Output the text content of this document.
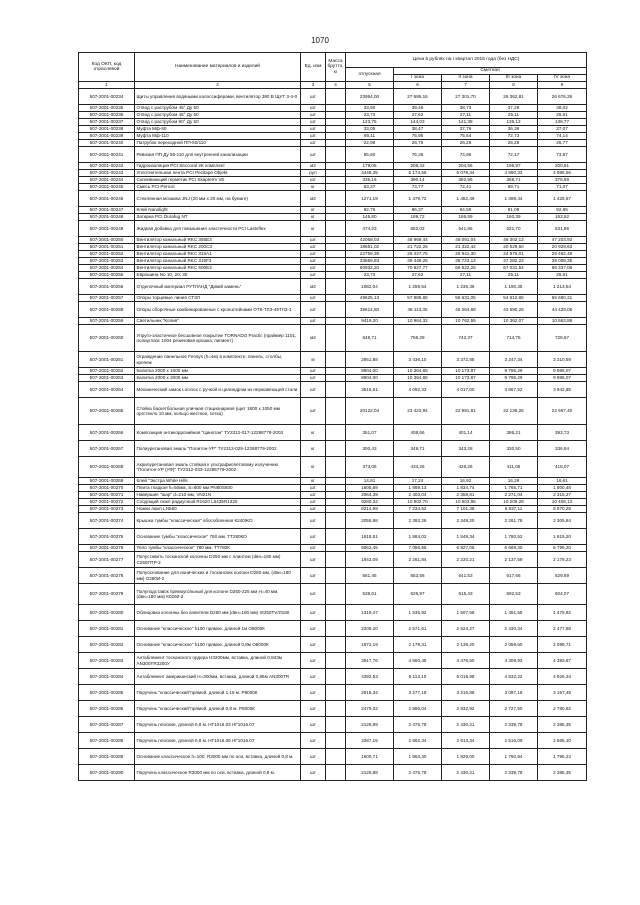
1070
Код ОКП, код отраслевой	Наименование материалов и изделий	Ед. изм	Масса брутто, кг	Цена в рублях на I квартал 2016 года (без НДС)				
				отпускная	Сметная			
					I зона	II зона	III зона	IV зона
1	2	3	4	5	6	7	8	9
507-2001-00234	Щиты управления водяными калоссиферами, вентилятор 380 В ЩУТ 3-4-0	шт		23964,00	27 695,16	27 301,70	26 362,81	26 676,26
507-2001-00235	Отвод с раструбом 45° Ду 50	шт		33,90	39,46	38,73	37,29	38,02
507-2001-00236	Отвод с раструбом 45° Ду 50	шт		23,73	27,62	27,11	26,11	26,61
507-2001-00237	Отвод с раструбом 90° Ду 50	шт		123,75	144,03	141,38	136,12	138,77
507-2001-00238	Муфта Мф-50	шт		33,05	38,47	37,76	36,36	37,07
507-2001-00239	Муфта Мф-110	шт		66,11	76,95	75,54	72,73	74,14
507-2001-00240	Патрубок переходной ПП-50/110	шт		22,98	26,75	26,26	25,28	25,77
507-2001-00241	Ревизия ПП Ду 50-110 для внутренней канализации	шт		65,60	76,36	74,96	72,17	73,57
507-2001-00242	Гидроизоляция PCI Seccoral 2K комплект	м2		179,05	208,42	204,56	196,97	200,81
507-2001-00243	Уплотнительная лента PCI Pecitape Objekt	рул		4448,35	5 174,56	5 079,34	4 890,33	4 985,56
507-2001-00244	Склеивающий герметик PCI Skapterm VE	шт		335,16	390,14	382,96	368,71	375,89
507-2001-00245	Смесь PCI Pericol	кг		63,37	73,77	72,41	69,71	71,07
507-2001-00246	Стеклянная мозаика JNJ (20 мм х 20 мм, на бумаге)	м2		1271,19	1 479,72	1 452,49	1 398,44	1 425,67
507-2001-00247	Клей Nanolight	кг		82,76	96,37	94,59	91,08	92,85
507-2001-00248	Затирка PCI Durafug NT	кг		145,80	169,72	166,59	160,39	163,52
507-2001-00249	Жидкая добавка для повышения эластичности PCI Lastoflex	кг		474,23	552,02	541,86	521,70	531,86
507-2001-00250	Вентилятор канальный RKC 355E3	шт		42068,03	48 969,44	48 091,04	46 302,12	47 203,92
507-2001-00251	Вентилятор канальный RKC 200C3	шт		18651,02	21 722,26	21 322,42	20 529,50	20 928,63
507-2001-00252	Вентилятор канальный RKC 315A1	шт		22759,39	26 427,75	25 941,30	24 976,01	25 462,48
507-2001-00253	Вентилятор канальный RKC 315F3	шт		33859,83	39 449,26	38 723,12	37 282,22	38 008,35
507-2001-00254	Вентилятор канальный RKC 500E3	шт		60932,20	70 927,77	69 622,25	67 031,54	68 337,06
507-2001-00255	Еврошина No 10, 20, 30	шт		23,73	27,62	27,11	26,11	26,61
507-2001-00256	Отделочный материал РУТЛАНД "Дикий камень"	м2		1082,04	1 259,54	1 236,36	1 190,35	1 213,54
507-2001-00257	Опоры торцевые линия СТЗЛ	шт		49625,13	57 886,65	56 631,05	54 612,65	55 680,21
507-2001-00258	Опоры сборочные комбинированные с кронштейнами ОТК-ТЛЗ-49ТЛЗ-1	шт		39614,80	46 113,35	45 264,58	43 590,26	44 429,05
507-2001-00259	Светильник "Копия"	шт		9419,20	10 964,32	10 762,55	10 362,07	10 563,88
507-2001-00260	Упруго-эластичное бесшовное покрытие TORNADO Practic (праймер 1101, полиуглазс 1004 резиновая крошка, пигмент)	м2		649,71	756,29	742,37	714,75	728,67
507-2001-00261	Ограждение панельное Fensys (h=4м) в комплекте: панель, столбы, крепеж	м		2951,88	3 436,10	3 372,85	3 247,34	3 310,59
507-2001-00262	Калитка 2000 х 1000 мм	шт		8904,00	10 364,65	10 173,87	9 795,29	9 986,07
507-2001-00263	Калитка 2000 х 2000 мм	шт		8904,00	10 364,65	10 173,87	9 795,29	9 986,07
507-2001-00264	Механический замок Locinox с ручкой и цилиндром из нержавеющей стали	шт		3515,61	4 092,33	4 017,00	3 867,52	3 942,85
507-2001-00265	Стойка баскетбольная уличная стационарная (щит 1800 х 1050 мм оргстекло 10 мм, кольцо жесткое, сетка)	шт		20122,04	23 423,94	22 991,81	22 136,26	22 567,40
507-2001-00266	Композиция антикоррозийная "Цинотан" ТУ2312-017-12288779-2003	кг		351,07	408,66	401,14	386,21	393,73
507-2001-00267	Полиуретановая эмаль "Политон-УР" ТУ2312-029-12288779-2002	кг		300,43	349,71	343,28	330,50	336,94
507-2001-00268	Акрилуретановая эмаль стойкая к ультрафиолетовому излучению "Политон-УР (УФ)" ТУ2312-033-12288779-2002	кг		373,06	434,26	426,26	411,05	418,07
507-2001-00269	Клей "Экстра White Hills	кг		14,81	17,24	16,92	16,29	16,61
507-2001-00270	Плита гладкая h=50мм, S=600 мм PN60S600	шт		1605,69	1 869,13	1 834,74	1 765,71	1 800,48
507-2001-00271	Навершие "шар" d=210 мм, VN21N	шт		2064,39	2 403,04	2 358,81	2 271,04	2 315,27
507-2001-00272	Сходящий люкп радиусный R1620 L5435R1320	шт		9280,32	10 802,70	10 603,86	10 209,28	10 408,13
507-2001-00273	Ножки люкп LN560	шт		6214,99	7 234,52	7 101,38	6 837,11	6 970,28
507-2001-00274	Крышка тумбы "классическая" обособленная К240ЖО	шт		2055,98	2 393,26	2 349,20	2 261,78	2 305,84
507-2001-00275	Основание тумбы "классическое" 760 мм. ТТ280КО	шт		1618,51	1 884,02	1 849,34	1 780,52	1 815,20
507-2001-00276	Тело тумбы "классическое" 780 мм. ТТ780К	шт		6062,45	7 056,96	6 927,06	6 669,30	6 799,20
507-2001-00277	Полуставить тосканской колонны D250 мм с плинтом (dвн=180 мм) С250ПТР-2	шт		1943,09	2 261,84	2 220,21	2 137,59	2 179,23
507-2001-00278	Полуоснование для ионических и тосканских колонн D280 мм, (dвн=180 мм) О280И-2	шт		561,45	653,56	641,53	617,66	629,69
507-2001-00279	Полуподставок прямоугольный для колонн D260-225 мм Н=40 мм, (dвн=180 мм) К0260-2	шт		538,61	626,97	615,43	592,53	604,07
507-2001-00280	Облицовка колонны без капители D250 мм (dвн=180 мм) IS250ТV/Л180	шт		1319,47	1 535,92	1 507,66	1 451,55	1 479,82
507-2001-00281	Основание "классическое" h100 прямое, длиной 1м О8000К	шт		2209,20	2 571,61	2 524,27	2 430,34	2 477,68
507-2001-00282	Основание "классическое" h100 прямое, длиной 0,8м О8000К	шт		1872,19	2 179,31	2 139,20	2 059,60	2 099,71
507-2001-00283	Антаблемент тосканского ордера Н3200мм, вставка, длиной 0,843м АN300ТR3200У	шт		3917,76	4 560,45	4 476,50	4 309,93	4 393,87
507-2001-00284	Антаблемент американский Н=300мм, вставка, длиной 0,86м АN300ТR	шт		4392,53	5 113,10	5 018,98	4 832,22	4 926,34
507-2001-00285	Поручень "классический"прямой, длиной 1,15 м. Р8000К	шт		2815,34	3 277,18	3 216,86	3 097,16	3 157,48
507-2001-00286	Поручень "классический"прямой, длиной 0,8 м. Р8000К	шт		2479,32	2 886,04	2 832,92	2 727,50	2 780,62
507-2001-00287	Поручень плоские, длиной 0,8 м. НГ1016.03 НГ1016.07	шт		2126,89	2 475,78	2 430,21	2 339,78	2 385,35
507-2001-00288	Поручень плоские, длиной 0,8 м. НГ1016.06 НГ1016.07	шт		2287,15	2 662,34	2 613,34	2 516,09	2 565,10
507-2001-00289	Основание классическое h=100, R3000 мм по оси, вставка, длиной 0,8 м.	шт		1600,71	1 863,30	1 829,00	1 760,94	1 795,24
507-2001-00290	Поручень классическое R3000 мм по оси, вставка, длиной 0,8 м.	шт		2126,88	2 475,78	2 430,21	2 339,78	2 385,35
